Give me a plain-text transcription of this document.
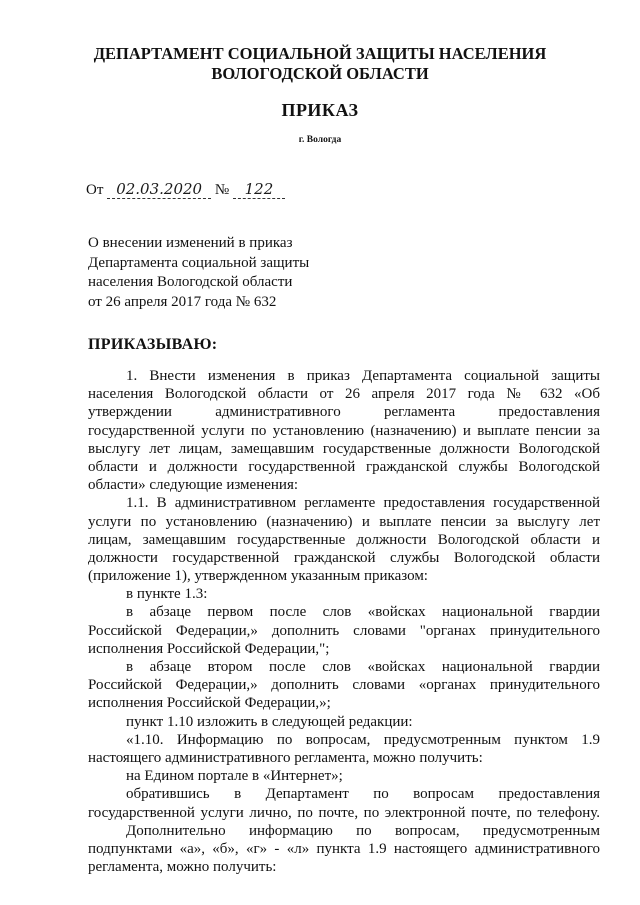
ДЕПАРТАМЕНТ СОЦИАЛЬНОЙ ЗАЩИТЫ НАСЕЛЕНИЯ
ВОЛОГОДСКОЙ ОБЛАСТИ
ПРИКАЗ
г. Вологда
От 02.03.2020 № 122
О внесении изменений в приказ
Департамента социальной защиты
населения Вологодской области
от 26 апреля 2017 года № 632
ПРИКАЗЫВАЮ:
1. Внести изменения в приказ Департамента социальной защиты
населения Вологодской области от 26 апреля 2017 года № 632 «Об
утверждении административного регламента предоставления
государственной услуги по установлению (назначению) и выплате пенсии за
выслугу лет лицам, замещавшим государственные должности Вологодской
области и должности государственной гражданской службы Вологодской
области» следующие изменения:
1.1. В административном регламенте предоставления государственной
услуги по установлению (назначению) и выплате пенсии за выслугу лет
лицам, замещавшим государственные должности Вологодской области и
должности государственной гражданской службы Вологодской области
(приложение 1), утвержденном указанным приказом:
в пункте 1.3:
в абзаце первом после слов «войсках национальной гвардии
Российской Федерации,» дополнить словами "органах принудительного
исполнения Российской Федерации,";
в абзаце втором после слов «войсках национальной гвардии
Российской Федерации,» дополнить словами «органах принудительного
исполнения Российской Федерации,»;
пункт 1.10 изложить в следующей редакции:
«1.10. Информацию по вопросам, предусмотренным пунктом 1.9
настоящего административного регламента, можно получить:
на Едином портале в «Интернет»;
обратившись в Департамент по вопросам предоставления
государственной услуги лично, по почте, по электронной почте, по телефону.
Дополнительно информацию по вопросам, предусмотренным
подпунктами «а», «б», «г» - «л» пункта 1.9 настоящего административного
регламента, можно получить:
